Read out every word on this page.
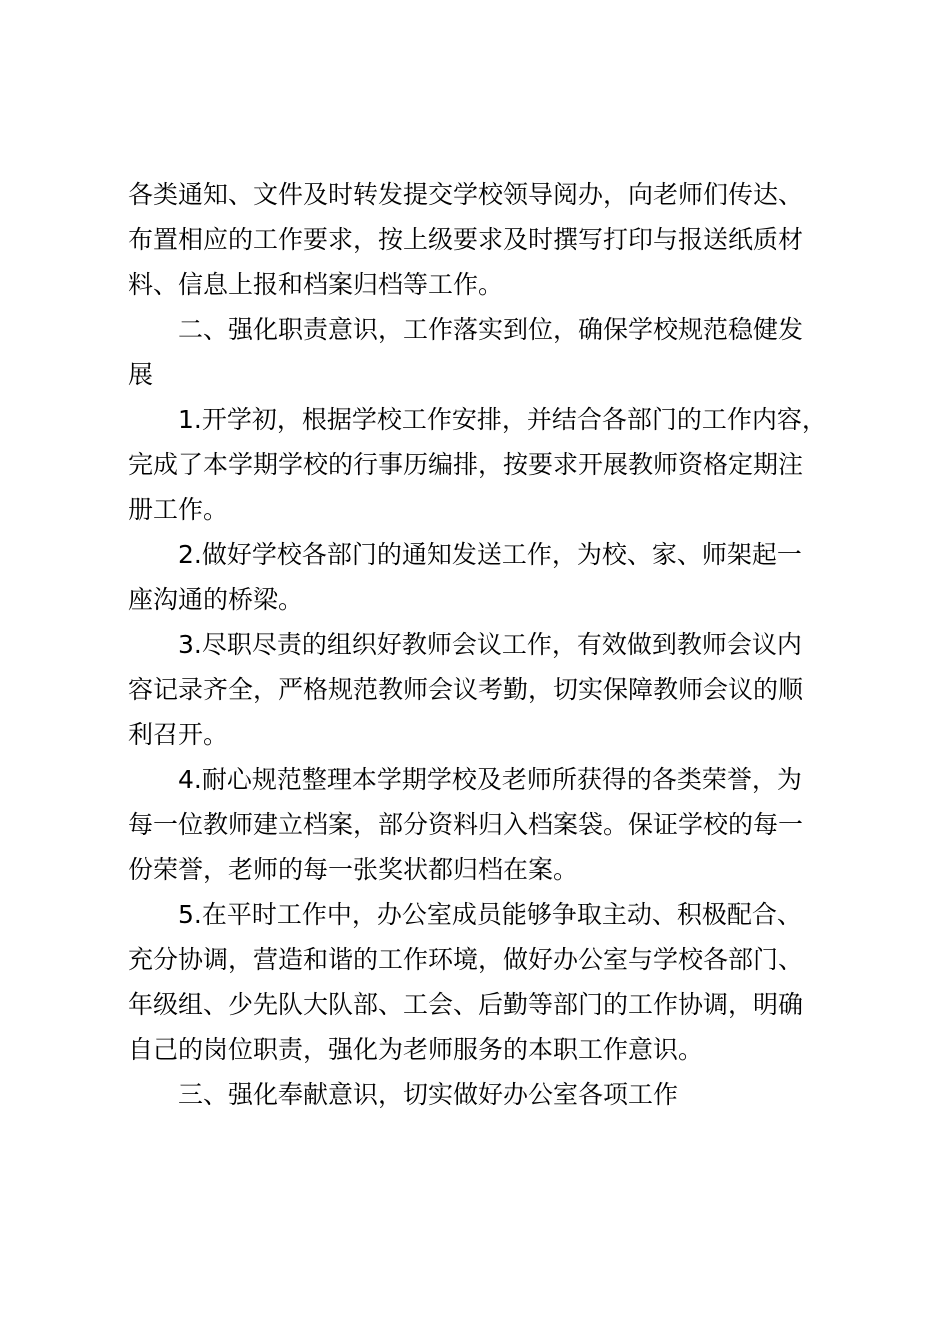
各类通知、文件及时转发提交学校领导阅办，向老师们传达、
布置相应的工作要求，按上级要求及时撰写打印与报送纸质材
料、信息上报和档案归档等工作。
二、强化职责意识，工作落实到位，确保学校规范稳健发
展
1.开学初，根据学校工作安排，并结合各部门的工作内容，
完成了本学期学校的行事历编排，按要求开展教师资格定期注
册工作。
2.做好学校各部门的通知发送工作，为校、家、师架起一
座沟通的桥梁。
3.尽职尽责的组织好教师会议工作，有效做到教师会议内
容记录齐全，严格规范教师会议考勤，切实保障教师会议的顺
利召开。
4.耐心规范整理本学期学校及老师所获得的各类荣誉，为
每一位教师建立档案，部分资料归入档案袋。保证学校的每一
份荣誉，老师的每一张奖状都归档在案。
5.在平时工作中，办公室成员能够争取主动、积极配合、
充分协调，营造和谐的工作环境，做好办公室与学校各部门、
年级组、少先队大队部、工会、后勤等部门的工作协调，明确
自己的岗位职责，强化为老师服务的本职工作意识。
三、强化奉献意识，切实做好办公室各项工作
